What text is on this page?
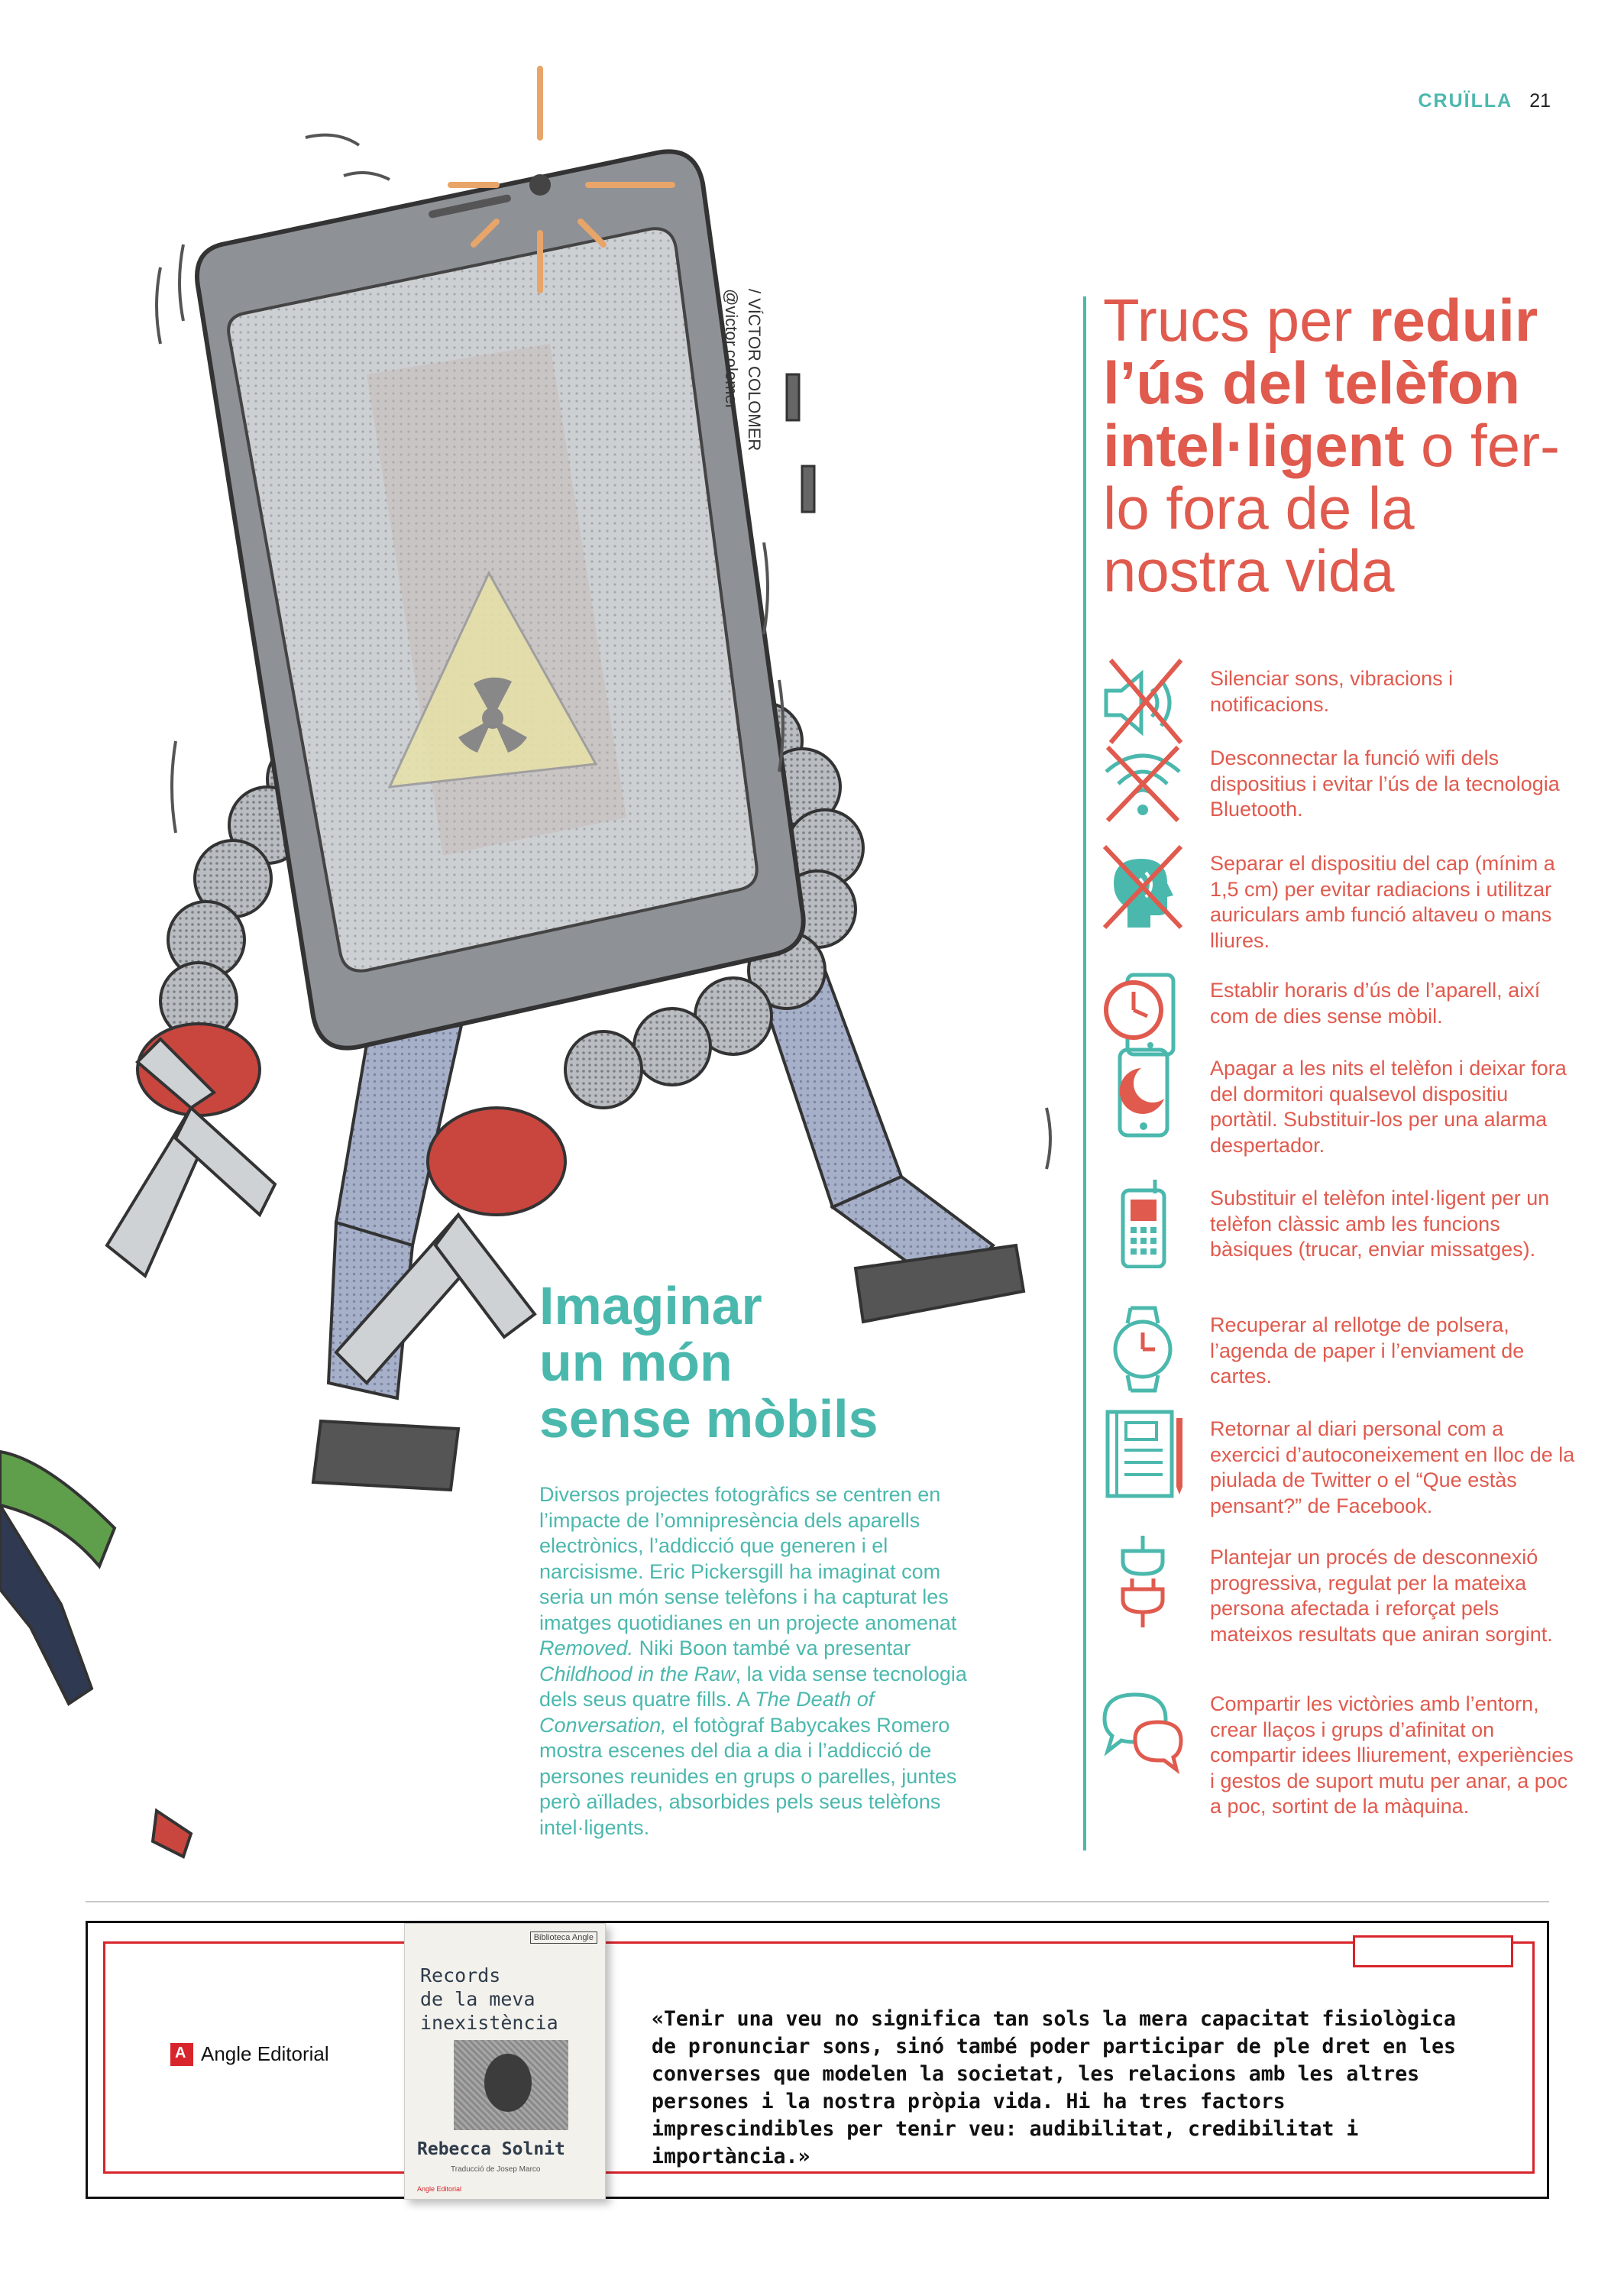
CRUÏLLA 21
/ VÍCTOR COLOMER
@victor.colomer	Trucs per reduir l’ús del telèfon intel·ligent o fer-lo fora de la nostra vida
Silenciar sons, vibracions i notificacions.
Desconnectar la funció wifi dels dispositius i evitar l’ús de la tecnologia Bluetooth.
Separar el dispositiu del cap (mínim a 1,5 cm) per evitar radiacions i utilitzar auriculars amb funció altaveu o mans lliures.
Establir horaris d’ús de l’aparell, així com de dies sense mòbil.
Apagar a les nits el telèfon i deixar fora del dormitori qualsevol dispositiu portàtil. Substituir-los per una alarma despertador.
Substituir el telèfon intel·ligent per un telèfon clàssic amb les funcions bàsiques (trucar, enviar missatges).
Recuperar al rellotge de polsera, l’agenda de paper i l’enviament de cartes.
Retornar al diari personal com a exercici d’autoconeixement en lloc de la piulada de Twitter o el “Que estàs pensant?” de Facebook.
Plantejar un procés de desconnexió progressiva, regulat per la mateixa persona afectada i reforçat pels mateixos resultats que aniran sorgint.
Compartir les victòries amb l’entorn, crear llaços i grups d’afinitat on compartir idees lliurement, experiències i gestos de suport mutu per anar, a poc a poc, sortint de la màquina.
Imaginar
un món
sense mòbils

Diversos projectes fotogràfics se centren en l’impacte de l’omnipresència dels aparells electrònics, l’addicció que generen i el narcisisme. Eric Pickersgill ha imaginat com seria un món sense telèfons i ha capturat les imatges quotidianes en un projecte anomenat Removed. Niki Boon també va presentar Childhood in the Raw, la vida sense tecnologia dels seus quatre fills. A The Death of Conversation, el fotògraf Babycakes Romero mostra escenes del dia a dia i l’addicció de persones reunides en grups o parelles, juntes però aïllades, absorbides pels seus telèfons intel·ligents.

A Angle Editorial
Biblioteca Angle
Records
de la meva
inexistència
Rebecca Solnit
Traducció de Josep Marco
Angle Editorial

«Tenir una veu no significa tan sols la mera capacitat fisiològica de pronunciar sons, sinó també poder participar de ple dret en les converses que modelen la societat, les relacions amb les altres persones i la nostra pròpia vida. Hi ha tres factors imprescindibles per tenir veu: audibilitat, credibilitat i importància.»
